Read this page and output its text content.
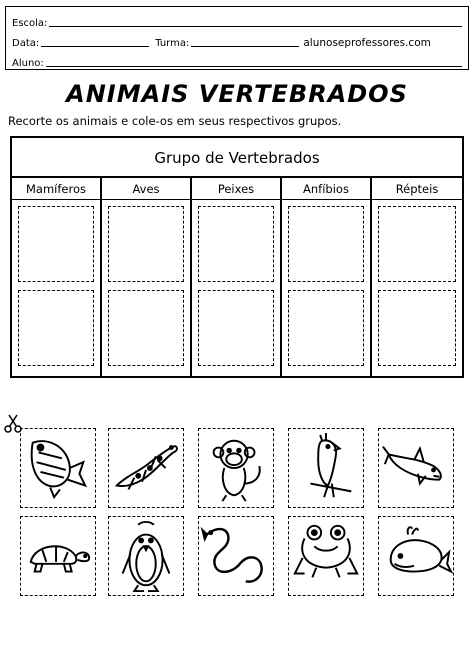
Escola:
Data:	Turma:	alunoseprofessores.com
Aluno:
ANIMAIS VERTEBRADOS
Recorte os animais e cole-os em seus respectivos grupos.
Grupo de Vertebrados
Mamíferos	Aves	Peixes	Anfíbios	Répteis
